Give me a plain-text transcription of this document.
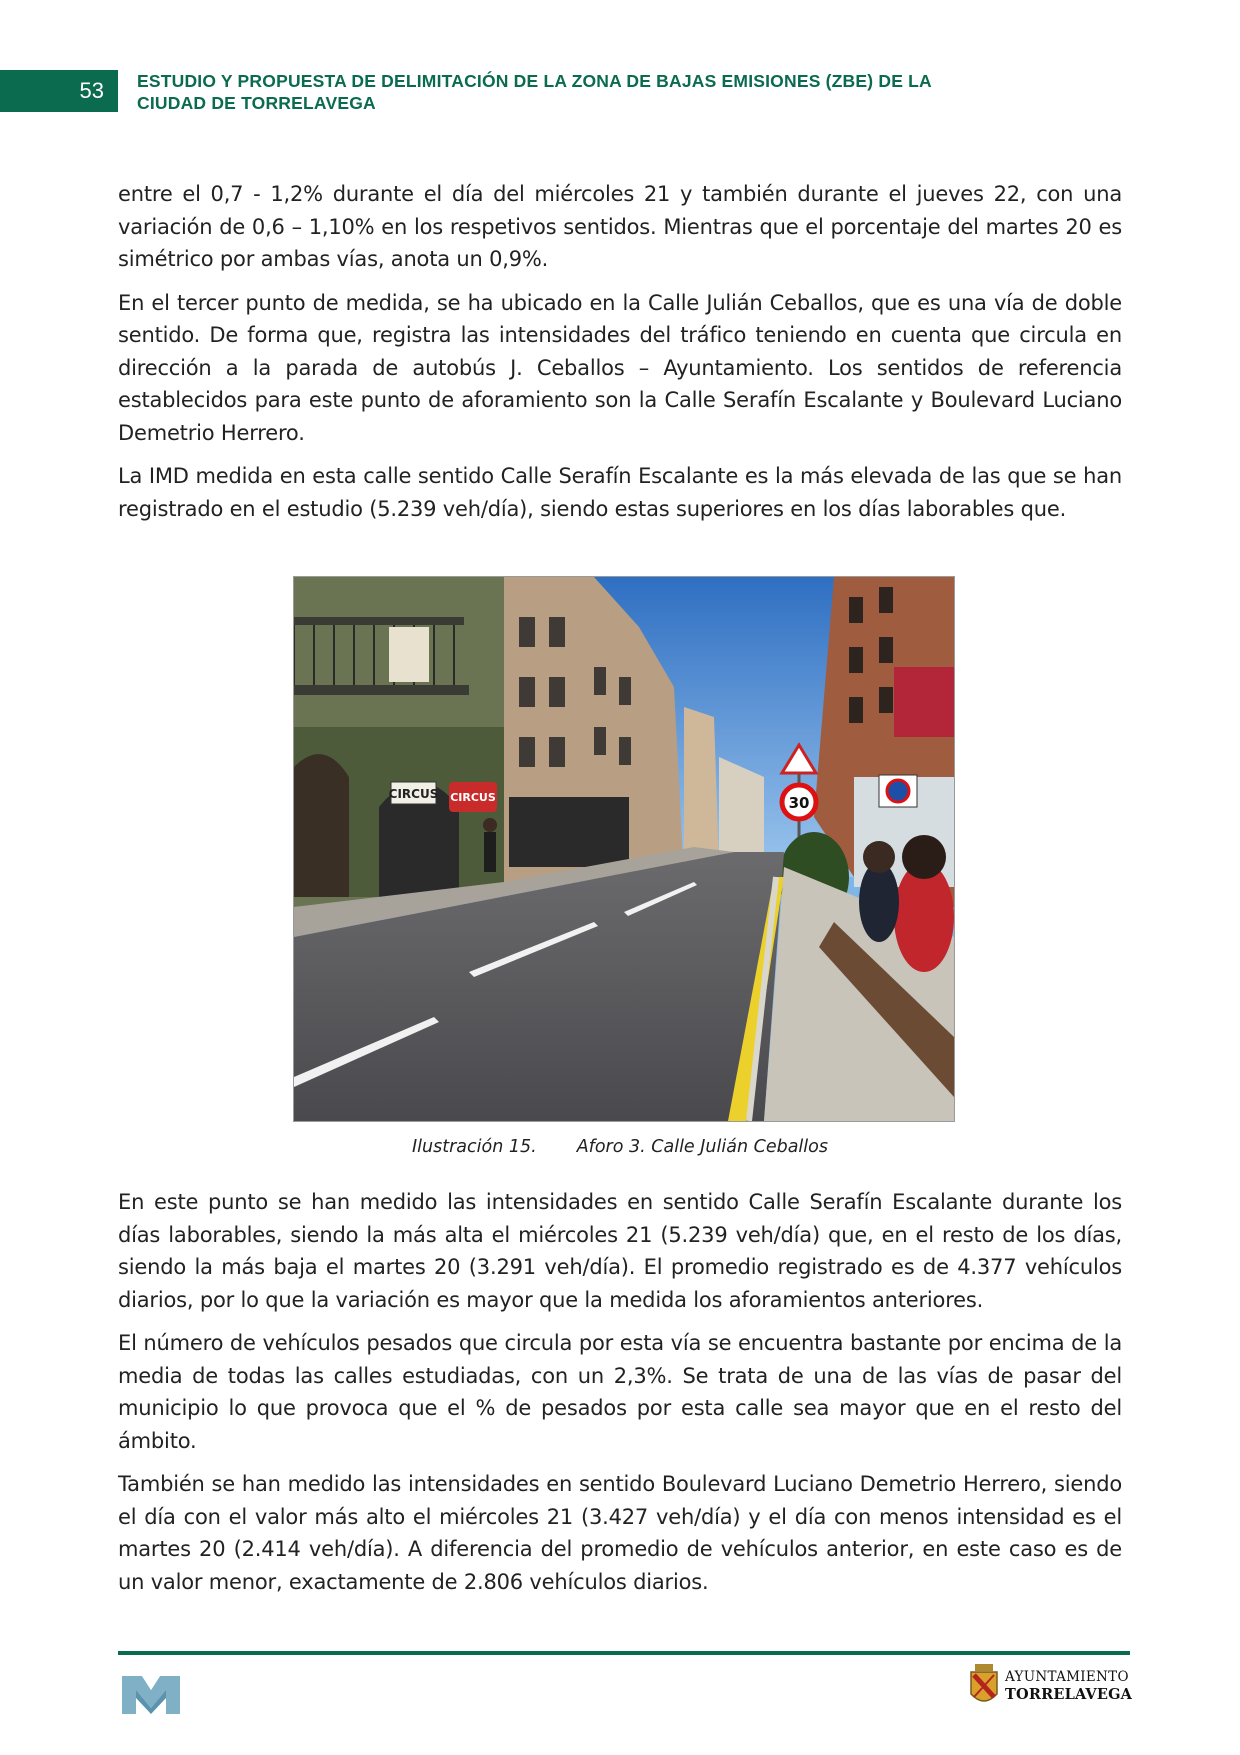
53 ESTUDIO Y PROPUESTA DE DELIMITACIÓN DE LA ZONA DE BAJAS EMISIONES (ZBE) DE LA
CIUDAD DE TORRELAVEGA

entre el 0,7 - 1,2% durante el día del miércoles 21 y también durante el jueves 22, con una variación de 0,6 – 1,10% en los respetivos sentidos. Mientras que el porcentaje del martes 20 es simétrico por ambas vías, anota un 0,9%.

En el tercer punto de medida, se ha ubicado en la Calle Julián Ceballos, que es una vía de doble sentido. De forma que, registra las intensidades del tráfico teniendo en cuenta que circula en dirección a la parada de autobús J. Ceballos – Ayuntamiento. Los sentidos de referencia establecidos para este punto de aforamiento son la Calle Serafín Escalante y Boulevard Luciano Demetrio Herrero.

La IMD medida en esta calle sentido Calle Serafín Escalante es la más elevada de las que se han registrado en el estudio (5.239 veh/día), siendo estas superiores en los días laborables que.

CIRCUS CIRCUS	30
Ilustración 15. Aforo 3. Calle Julián Ceballos

En este punto se han medido las intensidades en sentido Calle Serafín Escalante durante los días laborables, siendo la más alta el miércoles 21 (5.239 veh/día) que, en el resto de los días, siendo la más baja el martes 20 (3.291 veh/día). El promedio registrado es de 4.377 vehículos diarios, por lo que la variación es mayor que la medida los aforamientos anteriores.

El número de vehículos pesados que circula por esta vía se encuentra bastante por encima de la media de todas las calles estudiadas, con un 2,3%. Se trata de una de las vías de pasar del municipio lo que provoca que el % de pesados por esta calle sea mayor que en el resto del ámbito.

También se han medido las intensidades en sentido Boulevard Luciano Demetrio Herrero, siendo el día con el valor más alto el miércoles 21 (3.427 veh/día) y el día con menos intensidad es el martes 20 (2.414 veh/día). A diferencia del promedio de vehículos anterior, en este caso es de un valor menor, exactamente de 2.806 vehículos diarios.

AYUNTAMIENTO
TORRELAVEGA
